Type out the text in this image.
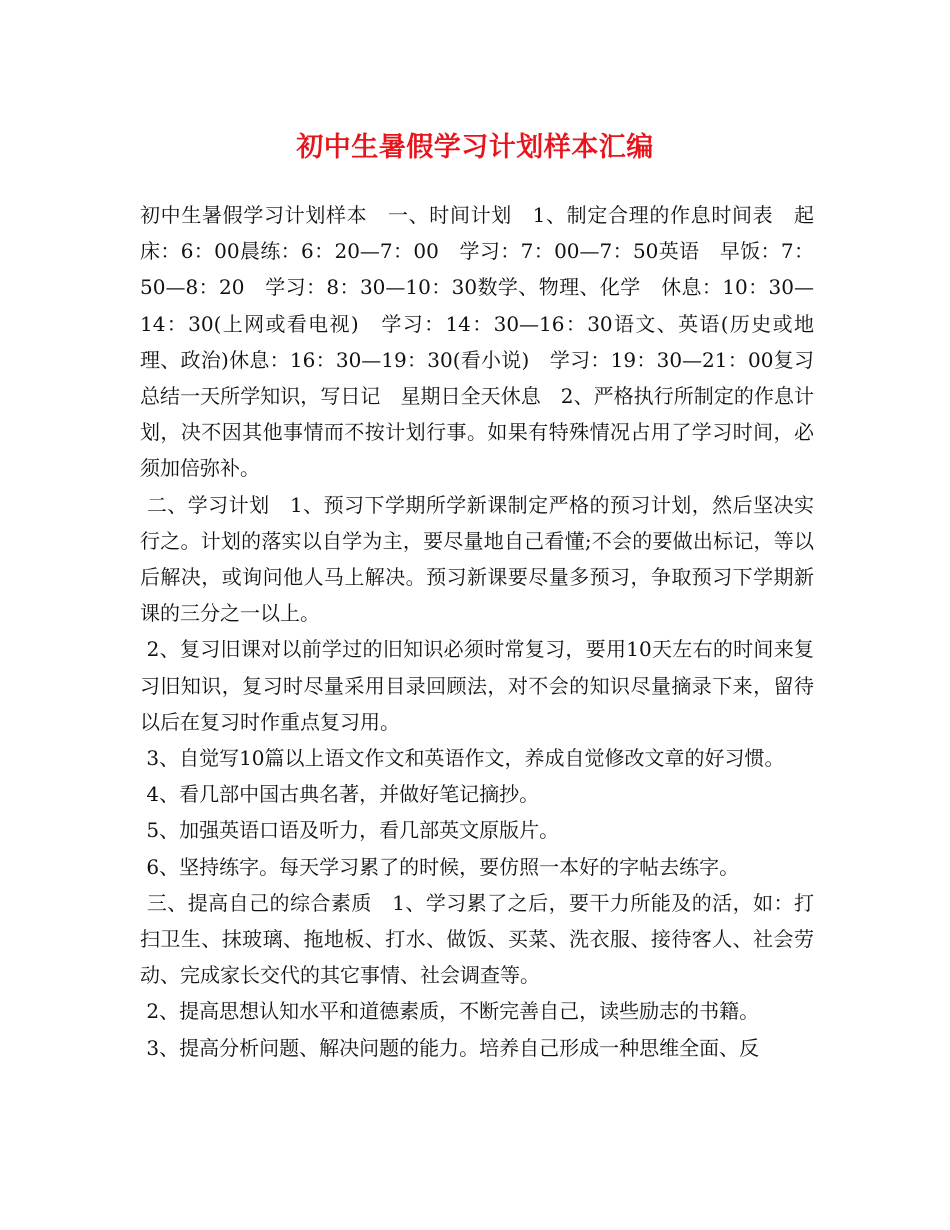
初中生暑假学习计划样本汇编

初中生暑假学习计划样本　一、时间计划　1、制定合理的作息时间表　起床：6：00晨练：6：20—7：00　学习：7：00—7：50英语　早饭：7：50—8：20　学习：8：30—10：30数学、物理、化学　休息：10：30—14：30(上网或看电视)　学习：14：30—16：30语文、英语(历史或地理、政治)休息：16：30—19：30(看小说)　学习：19：30—21：00复习总结一天所学知识，写日记　星期日全天休息　2、严格执行所制定的作息计划，决不因其他事情而不按计划行事。如果有特殊情况占用了学习时间，必须加倍弥补。

二、学习计划　1、预习下学期所学新课制定严格的预习计划，然后坚决实行之。计划的落实以自学为主，要尽量地自己看懂;不会的要做出标记，等以后解决，或询问他人马上解决。预习新课要尽量多预习，争取预习下学期新课的三分之一以上。

2、复习旧课对以前学过的旧知识必须时常复习，要用10天左右的时间来复习旧知识，复习时尽量采用目录回顾法，对不会的知识尽量摘录下来，留待以后在复习时作重点复习用。

3、自觉写10篇以上语文作文和英语作文，养成自觉修改文章的好习惯。

4、看几部中国古典名著，并做好笔记摘抄。

5、加强英语口语及听力，看几部英文原版片。

6、坚持练字。每天学习累了的时候，要仿照一本好的字帖去练字。

三、提高自己的综合素质　1、学习累了之后，要干力所能及的活，如：打扫卫生、抹玻璃、拖地板、打水、做饭、买菜、洗衣服、接待客人、社会劳动、完成家长交代的其它事情、社会调查等。

2、提高思想认知水平和道德素质，不断完善自己，读些励志的书籍。

3、提高分析问题、解决问题的能力。培养自己形成一种思维全面、反
